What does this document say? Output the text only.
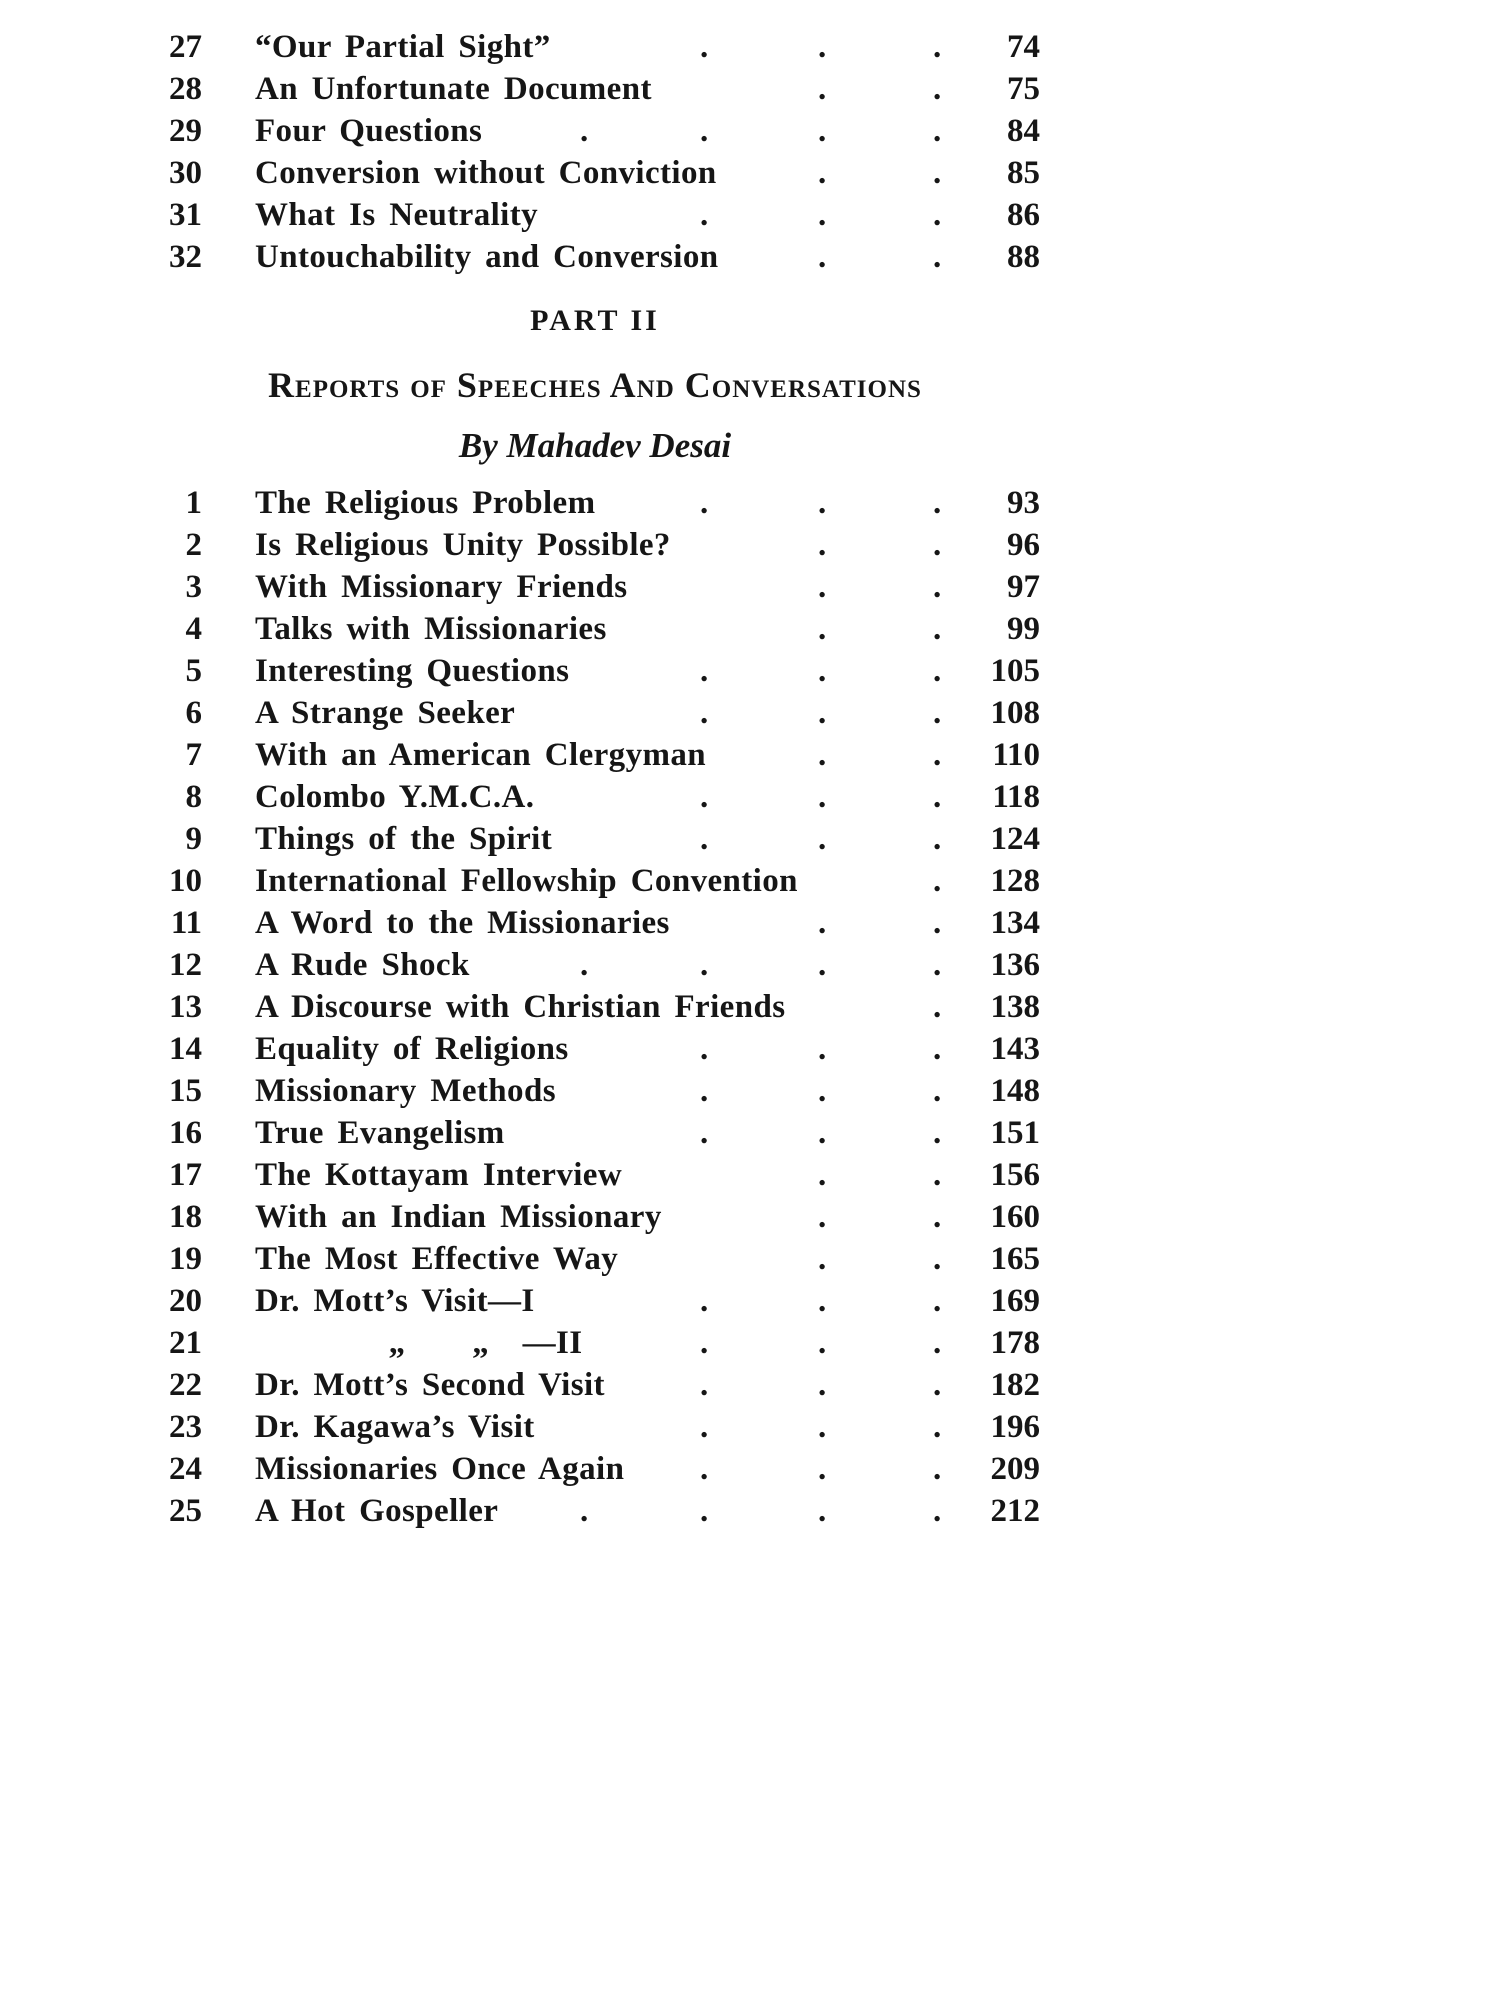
27 “Our Partial Sight”	.	.	.	74
28 An Unfortunate Document	.	.	75
29 Four Questions	.	.	.	.	84
30 Conversion without Conviction	.	.	85
31 What Is Neutrality	.	.	.	86
32 Untouchability and Conversion	.	.	88
PART II
Reports of Speeches And Conversations
By Mahadev Desai
1 The Religious Problem	.	.	.	93
2 Is Religious Unity Possible?	.	.	96
3 With Missionary Friends	.	.	97
4 Talks with Missionaries	.	.	99
5 Interesting Questions	.	.	.	105
6 A Strange Seeker	.	.	.	108
7 With an American Clergyman	.	.	110
8 Colombo Y.M.C.A.	.	.	.	118
9 Things of the Spirit	.	.	.	124
10 International Fellowship Convention	.	128
11 A Word to the Missionaries	.	.	134
12 A Rude Shock	.	.	.	.	136
13 A Discourse with Christian Friends	.	138
14 Equality of Religions	.	.	.	143
15 Missionary Methods	.	.	.	148
16 True Evangelism	.	.	.	151
17 The Kottayam Interview	.	.	156
18 With an Indian Missionary	.	.	160
19 The Most Effective Way	.	.	165
20 Dr. Mott’s Visit—I	.	.	.	169
21    „  „ —II	.	.	.	178
22 Dr. Mott’s Second Visit	.	.	.	182
23 Dr. Kagawa’s Visit	.	.	.	196
24 Missionaries Once Again .	.	.	209
25 A Hot Gospeller .	.	.	.	212
